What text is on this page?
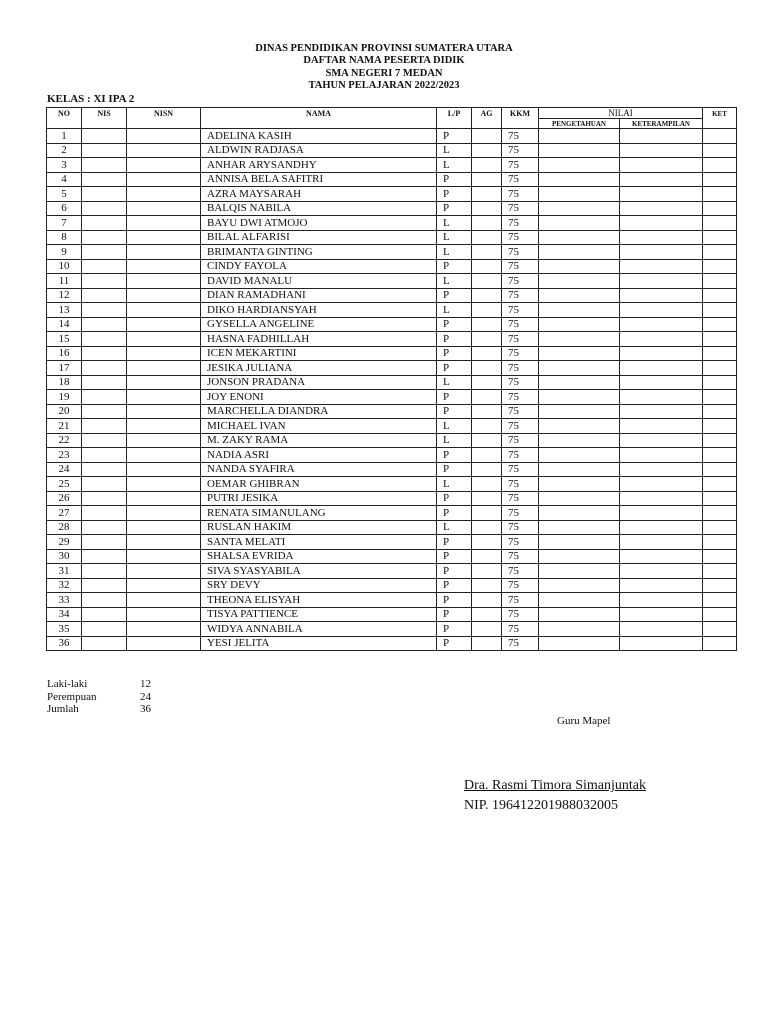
DINAS PENDIDIKAN PROVINSI SUMATERA UTARA
DAFTAR NAMA PESERTA DIDIK
SMA NEGERI 7 MEDAN
TAHUN PELAJARAN 2022/2023
KELAS : XI IPA 2
NO	NIS	NISN	NAMA	L/P	AG	KKM	NILAI		KET
							PENGETAHUAN	KETERAMPILAN	
1			ADELINA KASIH	P		75			
2			ALDWIN RADJASA	L		75			
3			ANHAR ARYSANDHY	L		75			
4			ANNISA BELA SAFITRI	P		75			
5			AZRA MAYSARAH	P		75			
6			BALQIS NABILA	P		75			
7			BAYU DWI ATMOJO	L		75			
8			BILAL ALFARISI	L		75			
9			BRIMANTA GINTING	L		75			
10			CINDY FAYOLA	P		75			
11			DAVID MANALU	L		75			
12			DIAN RAMADHANI	P		75			
13			DIKO HARDIANSYAH	L		75			
14			GYSELLA ANGELINE	P		75			
15			HASNA FADHILLAH	P		75			
16			ICEN MEKARTINI	P		75			
17			JESIKA JULIANA	P		75			
18			JONSON PRADANA	L		75			
19			JOY ENONI	P		75			
20			MARCHELLA DIANDRA	P		75			
21			MICHAEL IVAN	L		75			
22			M. ZAKY RAMA	L		75			
23			NADIA ASRI	P		75			
24			NANDA SYAFIRA	P		75			
25			OEMAR GHIBRAN	L		75			
26			PUTRI JESIKA	P		75			
27			RENATA SIMANULANG	P		75			
28			RUSLAN HAKIM	L		75			
29			SANTA MELATI	P		75			
30			SHALSA EVRIDA	P		75			
31			SIVA SYASYABILA	P		75			
32			SRY DEVY	P		75			
33			THEONA ELISYAH	P		75			
34			TISYA PATTIENCE	P		75			
35			WIDYA ANNABILA	P		75			
36			YESI JELITA	P		75			
Laki-laki	12
Perempuan	24
Jumlah	36
Guru Mapel
Dra. Rasmi Timora Simanjuntak
NIP. 196412201988032005
